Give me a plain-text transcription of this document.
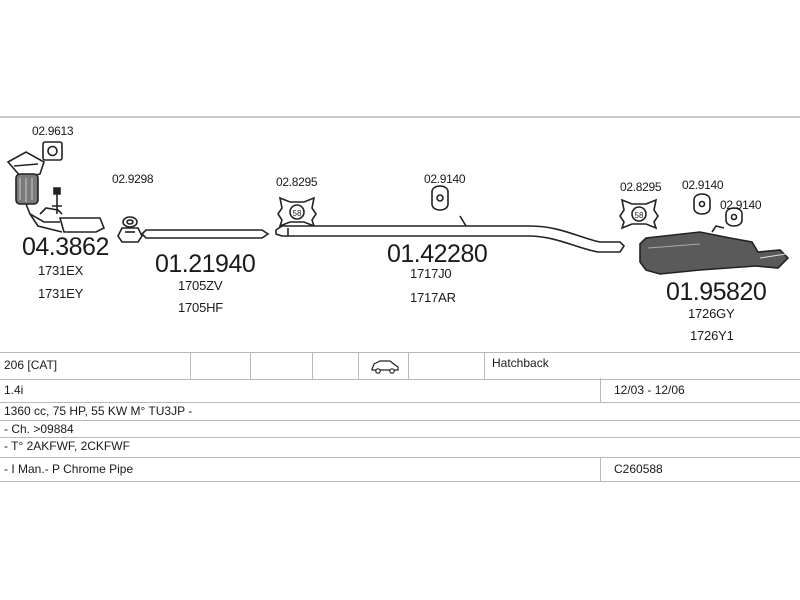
58	58
02.9613
04.3862
1731EX
1731EY
02.9298
01.21940
1705ZV
1705HF
02.8295
01.42280
1717J0
1717AR
02.9140
02.8295 02.9140
02.9140
01.95820
1726GY
1726Y1
206 [CAT]	Hatchback
1.4i	12/03 - 12/06
1360 cc, 75 HP, 55 KW M° TU3JP -
- Ch. >09884
- T° 2AKFWF, 2CKFWF
- I Man.- P Chrome Pipe	C260588
